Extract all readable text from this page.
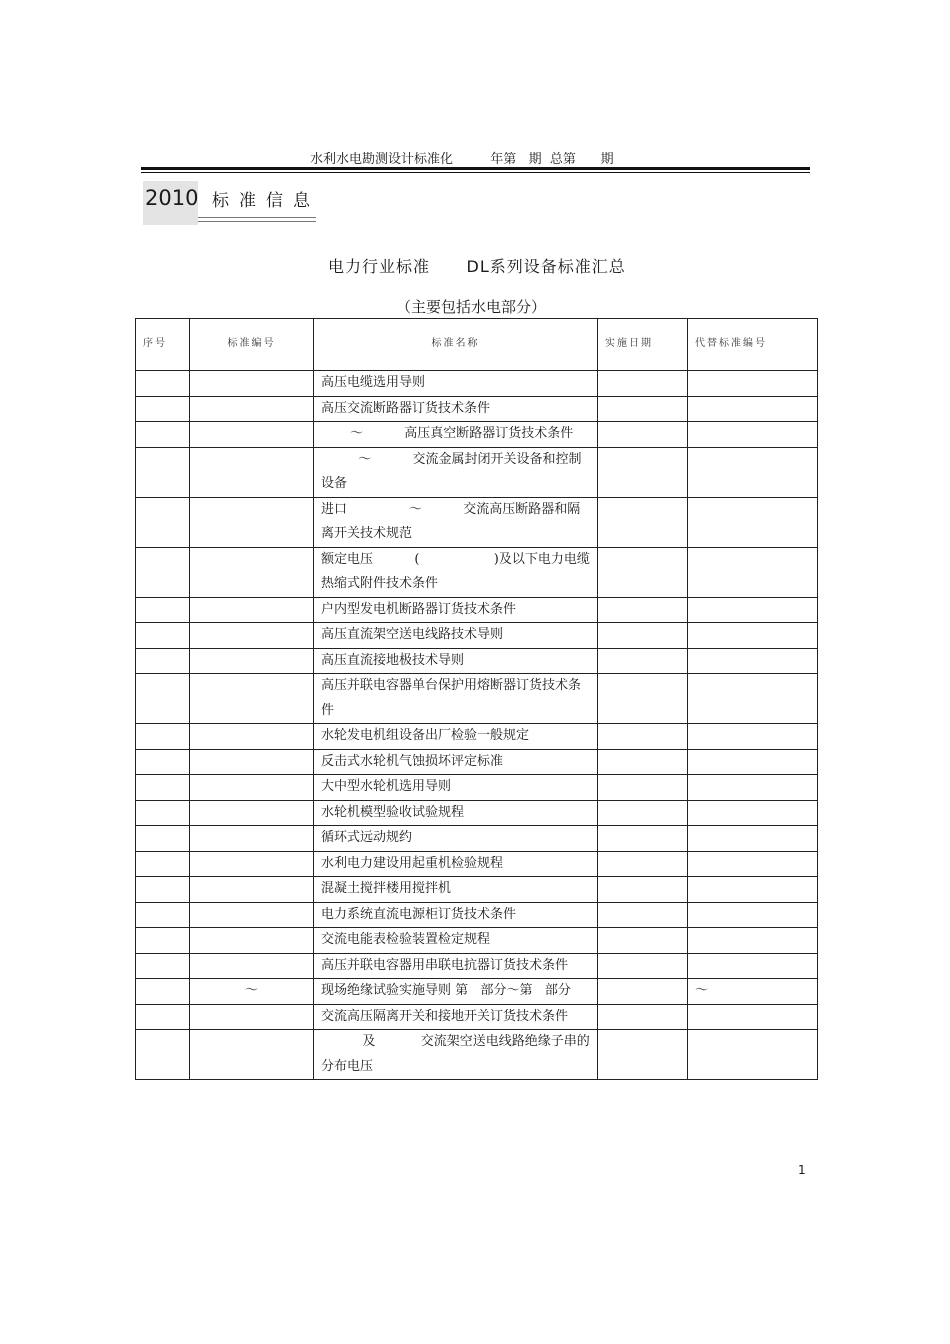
水利水电勘测设计标准化	年第   期  总第      期
2010 标准信息
电力行业标准      DL系列设备标准汇总
（主要包括水电部分）
序号	标准编号	标准名称	实施日期	代替标准编号
		高压电缆选用导则		
		高压交流断路器订货技术条件		
		～          高压真空断路器订货技术条件		
		～          交流金属封闭开关设备和控制设备		
		进口               ～          交流高压断路器和隔离开关技术规范		
		额定电压          (                  )及以下电力电缆热缩式附件技术条件		
		户内型发电机断路器订货技术条件		
		高压直流架空送电线路技术导则		
		高压直流接地极技术导则		
		高压并联电容器单台保护用熔断器订货技术条件		
		水轮发电机组设备出厂检验一般规定		
		反击式水轮机气蚀损坏评定标准		
		大中型水轮机选用导则		
		水轮机模型验收试验规程		
		循环式远动规约		
		水利电力建设用起重机检验规程		
		混凝土搅拌楼用搅拌机		
		电力系统直流电源柜订货技术条件		
		交流电能表检验装置检定规程		
		高压并联电容器用串联电抗器订货技术条件		
	～	现场绝缘试验实施导则 第   部分～第   部分		～
		交流高压隔离开关和接地开关订货技术条件		
		及           交流架空送电线路绝缘子串的分布电压		
1
